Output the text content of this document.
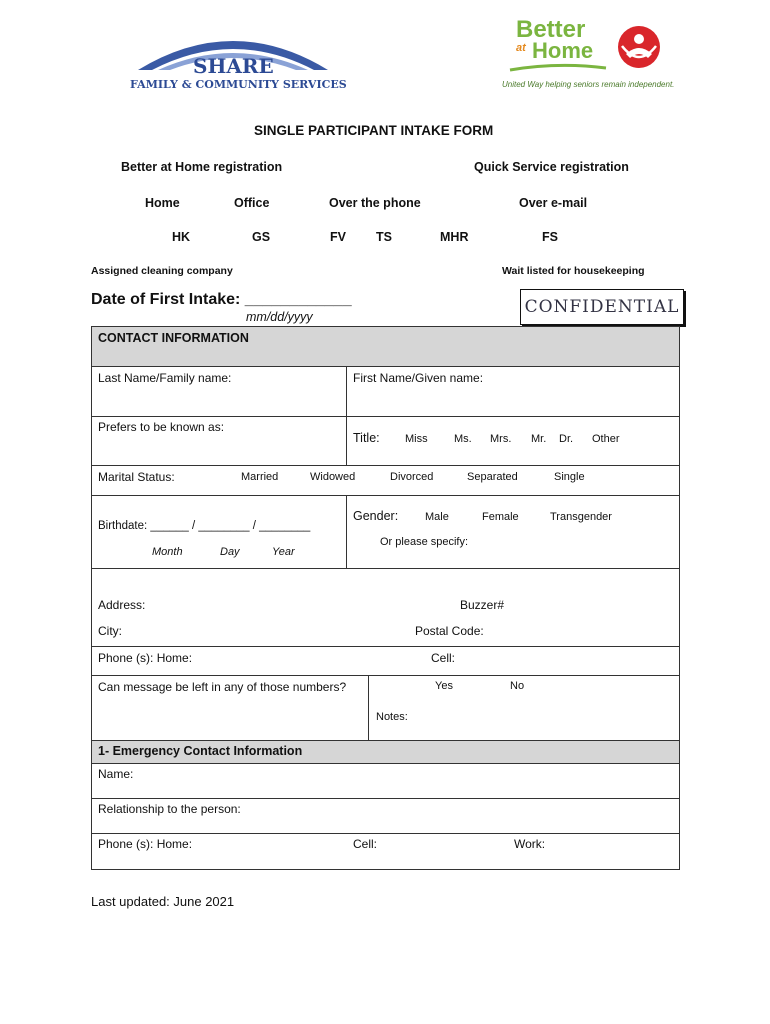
SHARE
FAMILY & COMMUNITY SERVICES
Better
at Home
United Way helping seniors remain independent.
SINGLE PARTICIPANT INTAKE FORM
Better at Home registration	Quick Service registration
Home	Office	Over the phone	Over e-mail
HK	GS	FV TS	MHR	FS
Assigned cleaning company	Wait listed for housekeeping
Date of First Intake: ____________
mm/dd/yyyy	CONFIDENTIAL
CONTACT INFORMATION
Last Name/Family name:	First Name/Given name:
Prefers to be known as:
Title: Miss Ms. Mrs. Mr. Dr. Other
Marital Status:	Married	Widowed	Divorced	Separated	Single
Birthdate: ______ / ________ / ________
Month	Day	Year
Gender: Male	Female	Transgender
Or please specify:
Address:	Buzzer#
City:	Postal Code:
Phone (s): Home:	Cell:
Can message be left in any of those numbers?	Yes	No
Notes:
1- Emergency Contact Information
Name:
Relationship to the person:
Phone (s): Home:	Cell:	Work:
Last updated: June 2021
